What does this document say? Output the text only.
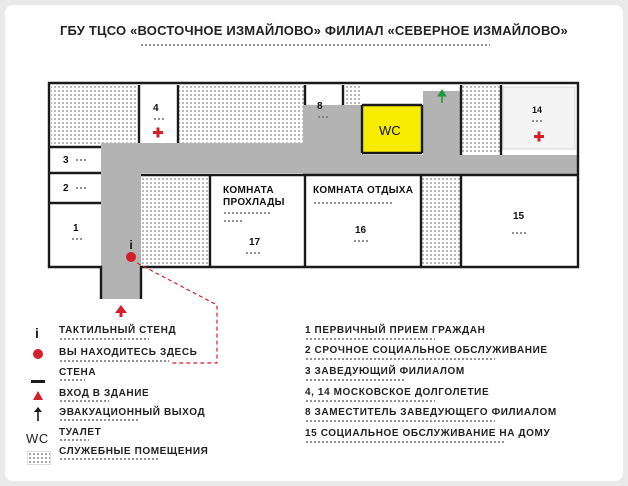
ГБУ ТЦСО «ВОСТОЧНОЕ ИЗМАЙЛОВО» ФИЛИАЛ «СЕВЕРНОЕ ИЗМАЙЛОВО»
i
4	8
WC
14
3
2
1
КОМНАТА ПРОХЛАДЫ
17
КОМНАТА ОТДЫХА
16
15
i
WC
ТАКТИЛЬНЫЙ СТЕНД
ВЫ НАХОДИТЕСЬ ЗДЕСЬ
СТЕНА
ВХОД В ЗДАНИЕ
ЭВАКУАЦИОННЫЙ ВЫХОД
ТУАЛЕТ
СЛУЖЕБНЫЕ ПОМЕЩЕНИЯ
1 ПЕРВИЧНЫЙ ПРИЕМ ГРАЖДАН
2 СРОЧНОЕ СОЦИАЛЬНОЕ ОБСЛУЖИВАНИЕ
3 ЗАВЕДУЮЩИЙ ФИЛИАЛОМ
4, 14 МОСКОВСКОЕ ДОЛГОЛЕТИЕ
8 ЗАМЕСТИТЕЛЬ ЗАВЕДУЮЩЕГО ФИЛИАЛОМ
15 СОЦИАЛЬНОЕ ОБСЛУЖИВАНИЕ НА ДОМУ
